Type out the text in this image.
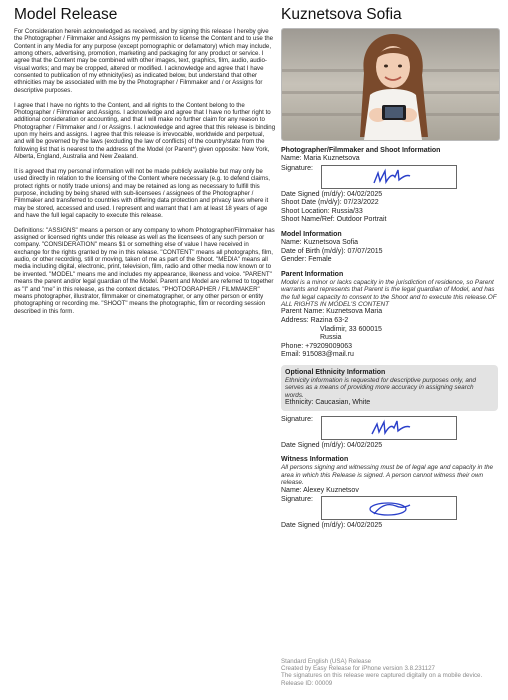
Model Release

For Consideration herein acknowledged as received, and by signing this release I hereby give the Photographer / Filmmaker and Assigns my permission to license the Content and to use the Content in any Media for any purpose (except pornographic or defamatory) which may include, among others, advertising, promotion, marketing and packaging for any product or service. I agree that the Content may be combined with other images, text, graphics, film, audio, audio-visual works; and may be cropped, altered or modified. I acknowledge and agree that I have consented to publication of my ethnicity(ies) as indicated below, but understand that other ethnicities may be associated with me by the Photographer / Filmmaker and / or Assigns for descriptive purposes.

I agree that I have no rights to the Content, and all rights to the Content belong to the Photographer / Filmmaker and Assigns. I acknowledge and agree that I have no further right to additional consideration or accounting, and that I will make no further claim for any reason to Photographer / Filmmaker and / or Assigns. I acknowledge and agree that this release is binding upon my heirs and assigns. I agree that this release is irrevocable, worldwide and perpetual, and will be governed by the laws (excluding the law of conflicts) of the country/state from the following list that is nearest to the address of the Model (or Parent*) given opposite: New York, Alberta, England, Australia and New Zealand.

It is agreed that my personal information will not be made publicly available but may only be used directly in relation to the licensing of the Content where necessary (e.g. to defend claims, protect rights or notify trade unions) and may be retained as long as necessary to fulfill this purpose, including by being shared with sub-licensees / assignees of the Photographer / Filmmaker and transferred to countries with differing data protection and privacy laws where it may be stored, accessed and used. I represent and warrant that I am at least 18 years of age and have the full legal capacity to execute this release.

Definitions: "ASSIGNS" means a person or any company to whom Photographer/Filmmaker has assigned or licensed rights under this release as well as the licensees of any such person or company. "CONSIDERATION" means $1 or something else of value I have received in exchange for the rights granted by me in this release. "CONTENT" means all photographs, film, audio, or other recording, still or moving, taken of me as part of the Shoot. "MEDIA" means all media including digital, electronic, print, television, film, radio and other media now known or to be invented. "MODEL" means me and includes my appearance, likeness and voice. "PARENT" means the parent and/or legal guardian of the Model. Parent and Model are referred to together as "I" and "me" in this release, as the context dictates. "PHOTOGRAPHER / FILMMAKER" means photographer, illustrator, filmmaker or cinematographer, or any other person or entity photographing or recording me. "SHOOT" means the photographic, film or recording session described in this form.

Kuznetsova Sofia
Photographer/Filmmaker and Shoot Information
Name: Maria Kuznetsova
Signature:
Date Signed (m/d/y): 04/02/2025
Shoot Date (m/d/y): 07/23/2022
Shoot Location: Russia/33
Shoot Name/Ref: Outdoor Portrait
Model Information
Name: Kuznetsova Sofia
Date of Birth (m/d/y): 07/07/2015
Gender: Female
Parent Information
Model is a minor or lacks capacity in the jurisdiction of residence, so Parent warrants and represents that Parent is the legal guardian of Model, and has the full legal capacity to consent to the Shoot and to execute this release.OF ALL RIGHTS IN MODEL'S CONTENT
Parent Name: Kuznetsova Maria
Address: Razina 63-2
Vladimir, 33 600015
Russia
Phone: +79209009063
Email: 915083@mail.ru
Optional Ethnicity Information
Ethnicity information is requested for descriptive purposes only, and serves as a means of providing more accuracy in assigning search words.
Ethnicity: Caucasian, White
Signature:
Date Signed (m/d/y): 04/02/2025
Witness Information
All persons signing and witnessing must be of legal age and capacity in the area in which this Release is signed. A person cannot witness their own release.
Name: Alexey Kuznetsov
Signature:
Date Signed (m/d/y): 04/02/2025
Standard English (USA) Release
Created by Easy Release for iPhone version 3.8.231127
The signatures on this release were captured digitally on a mobile device.
Release ID: 00009
